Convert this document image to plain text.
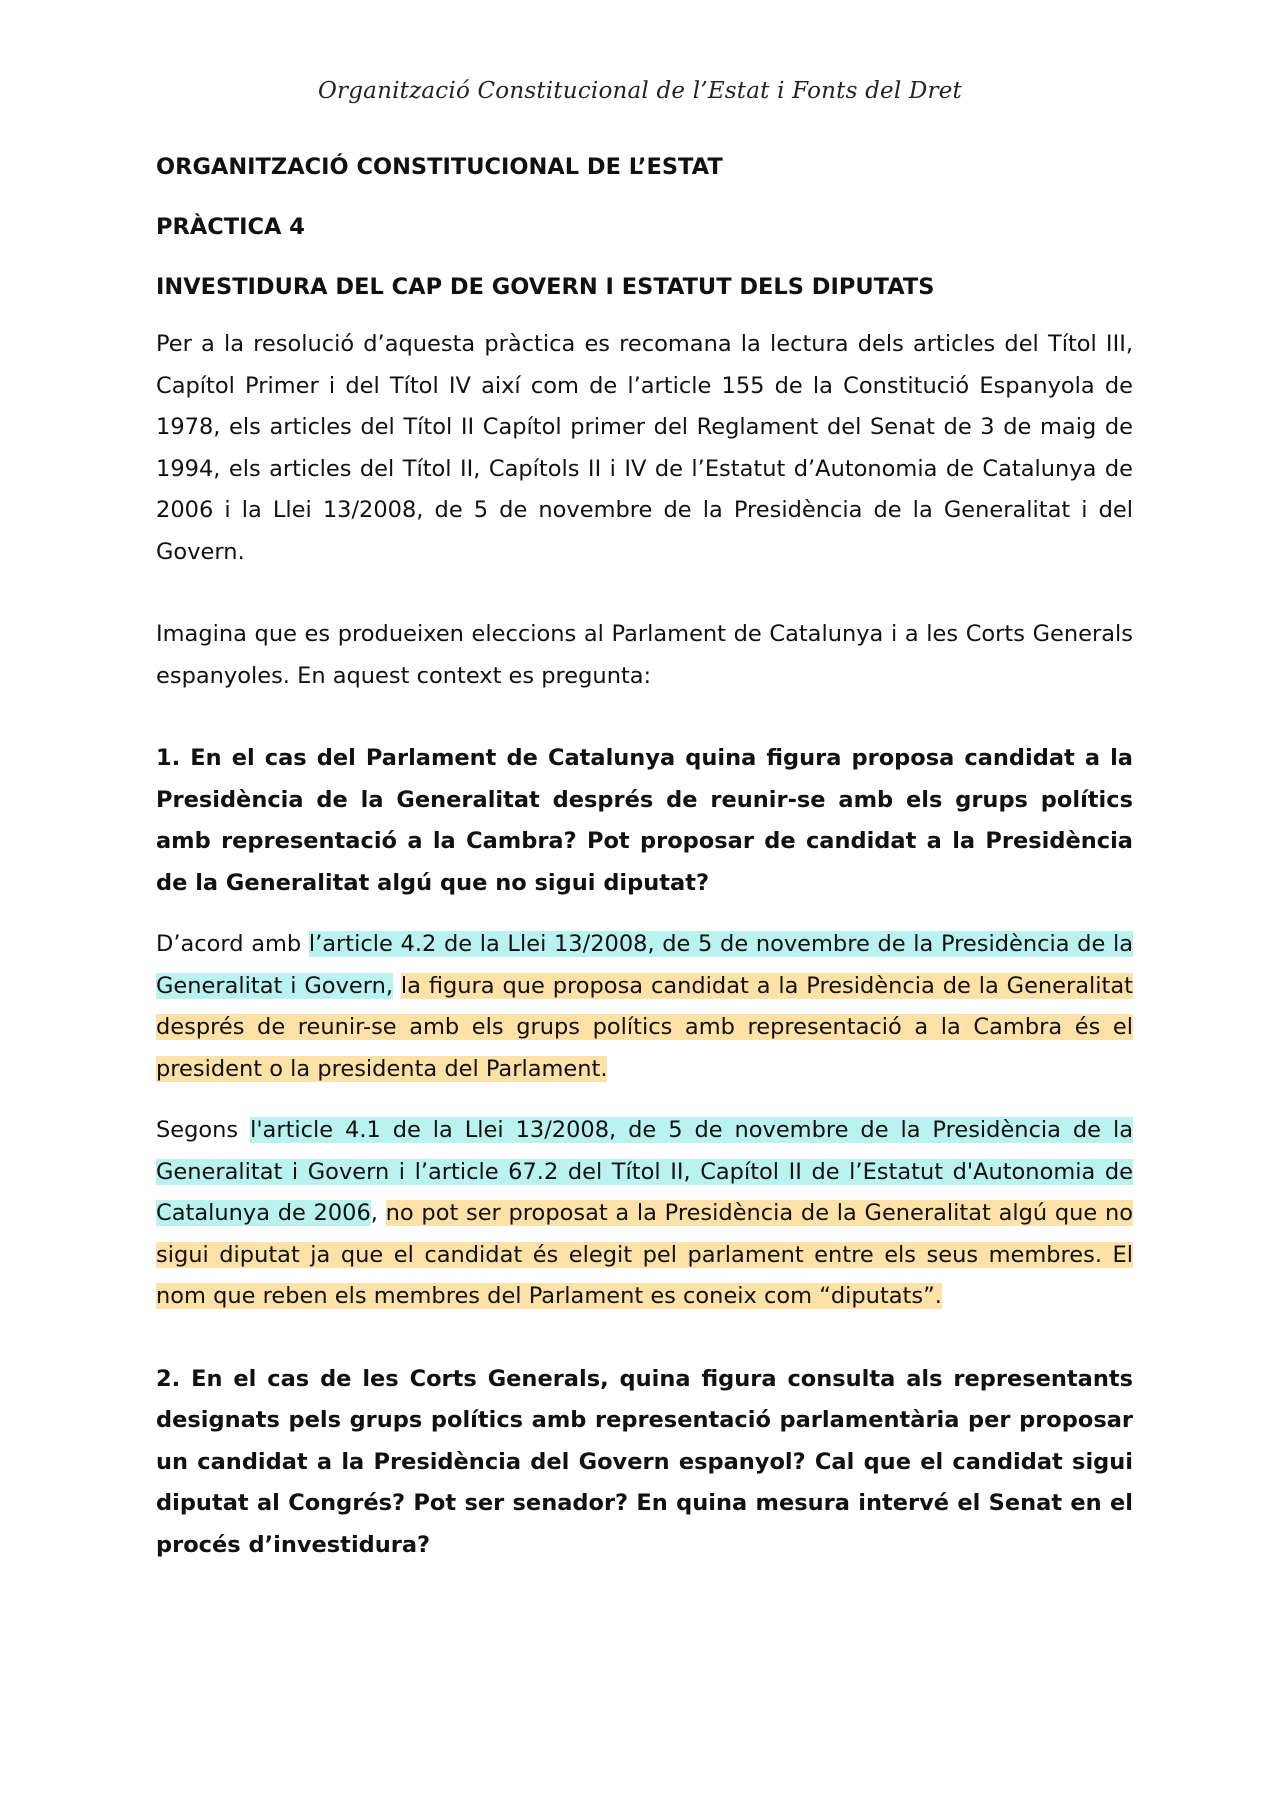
Organització Constitucional de l’Estat i Fonts del Dret
ORGANITZACIÓ CONSTITUCIONAL DE L’ESTAT
PRÀCTICA 4
INVESTIDURA DEL CAP DE GOVERN I ESTATUT DELS DIPUTATS

Per a la resolució d’aquesta pràctica es recomana la lectura dels articles del Títol III, Capítol Primer i del Títol IV així com de l’article 155 de la Constitució Espanyola de 1978, els articles del Títol II Capítol primer del Reglament del Senat de 3 de maig de 1994, els articles del Títol II, Capítols II i IV de l’Estatut d’Autonomia de Catalunya de 2006 i la Llei 13/2008, de 5 de novembre de la Presidència de la Generalitat i del Govern.

Imagina que es produeixen eleccions al Parlament de Catalunya i a les Corts Generals espanyoles. En aquest context es pregunta:

1. En el cas del Parlament de Catalunya quina figura proposa candidat a la Presidència de la Generalitat després de reunir-se amb els grups polítics amb representació a la Cambra? Pot proposar de candidat a la Presidència de la Generalitat algú que no sigui diputat?

D’acord amb l’article 4.2 de la Llei 13/2008, de 5 de novembre de la Presidència de la Generalitat i Govern, la figura que proposa candidat a la Presidència de la Generalitat després de reunir-se amb els grups polítics amb representació a la Cambra és el president o la presidenta del Parlament.

Segons l'article 4.1 de la Llei 13/2008, de 5 de novembre de la Presidència de la Generalitat i Govern i l’article 67.2 del Títol II, Capítol II de l’Estatut d'Autonomia de Catalunya de 2006, no pot ser proposat a la Presidència de la Generalitat algú que no sigui diputat ja que el candidat és elegit pel parlament entre els seus membres. El nom que reben els membres del Parlament es coneix com “diputats”.

2. En el cas de les Corts Generals, quina figura consulta als representants designats pels grups polítics amb representació parlamentària per proposar un candidat a la Presidència del Govern espanyol? Cal que el candidat sigui diputat al Congrés? Pot ser senador? En quina mesura intervé el Senat en el procés d’investidura?
